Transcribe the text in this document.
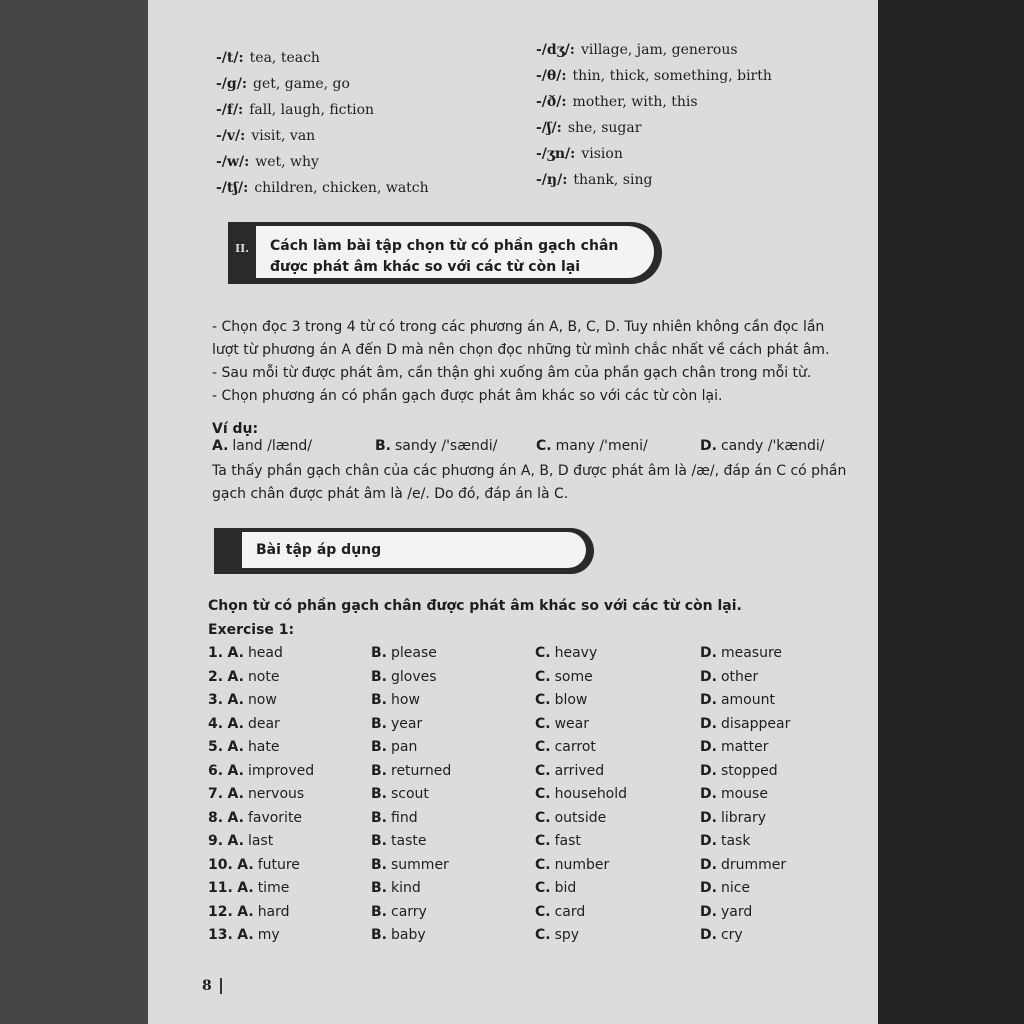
-/t/: tea, teach
-/g/: get, game, go
-/f/: fall, laugh, fiction
-/v/: visit, van
-/w/: wet, why
-/tʃ/: children, chicken, watch
-/dʒ/: village, jam, generous
-/θ/: thin, thick, something, birth
-/ð/: mother, with, this
-/ʃ/: she, sugar
-/ʒn/: vision
-/ŋ/: thank, sing
II.	Cách làm bài tập chọn từ có phần gạch chân
được phát âm khác so với các từ còn lại
- Chọn đọc 3 trong 4 từ có trong các phương án A, B, C, D. Tuy nhiên không cần đọc lần lượt từ phương án A đến D mà nên chọn đọc những từ mình chắc nhất về cách phát âm.
- Sau mỗi từ được phát âm, cần thận ghi xuống âm của phần gạch chân trong mỗi từ.
- Chọn phương án có phần gạch được phát âm khác so với các từ còn lại.
Ví dụ:
A. land /lænd/	B. sandy /'sændi/	C. many /'meni/	D. candy /'kændi/
Ta thấy phần gạch chân của các phương án A, B, D được phát âm là /æ/, đáp án C có phần gạch chân được phát âm là /e/. Do đó, đáp án là C.
Bài tập áp dụng
Chọn từ có phần gạch chân được phát âm khác so với các từ còn lại.
Exercise 1:
1. A. head	B. please	C. heavy	D. measure
2. A. note	B. gloves	C. some	D. other
3. A. now	B. how	C. blow	D. amount
4. A. dear	B. year	C. wear	D. disappear
5. A. hate	B. pan	C. carrot	D. matter
6. A. improved	B. returned	C. arrived	D. stopped
7. A. nervous	B. scout	C. household	D. mouse
8. A. favorite	B. find	C. outside	D. library
9. A. last	B. taste	C. fast	D. task
10. A. future	B. summer	C. number	D. drummer
11. A. time	B. kind	C. bid	D. nice
12. A. hard	B. carry	C. card	D. yard
13. A. my	B. baby	C. spy	D. cry
8
